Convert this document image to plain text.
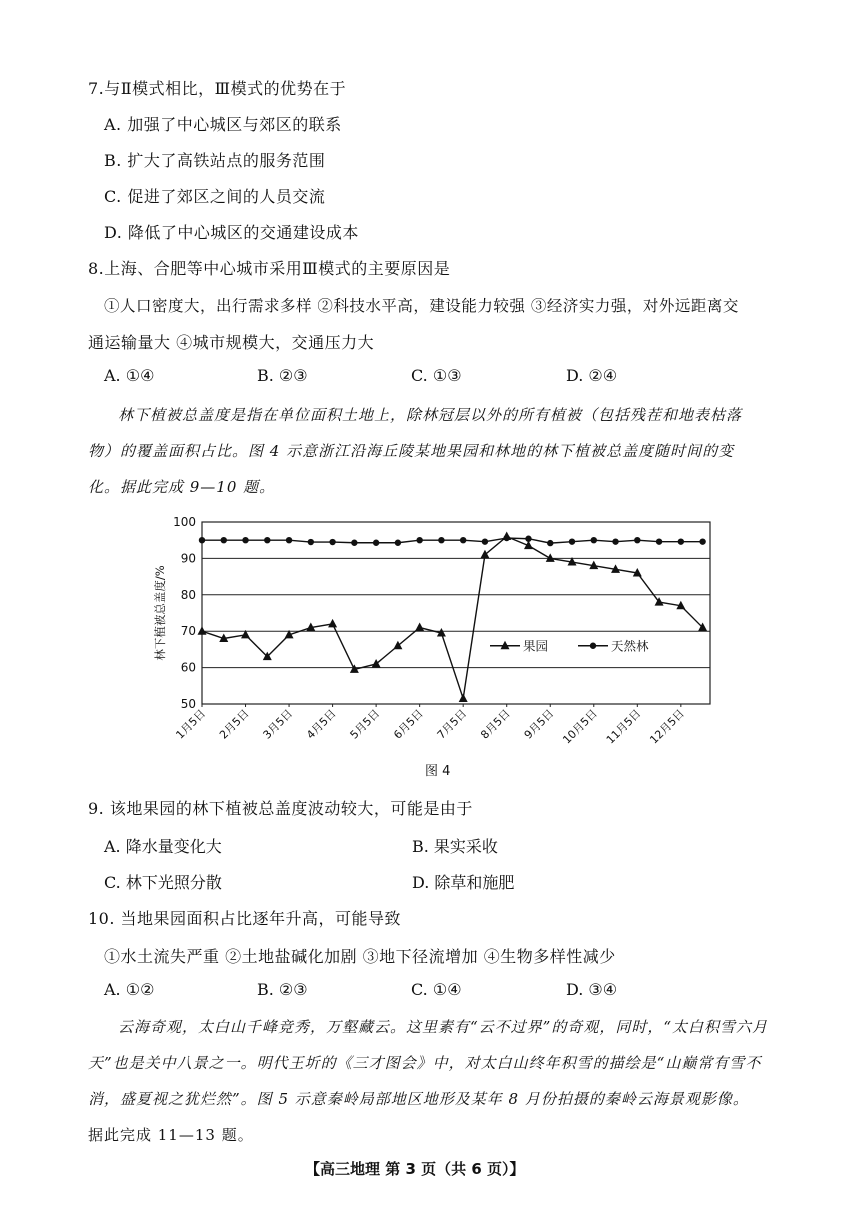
7.与Ⅱ模式相比，Ⅲ模式的优势在于
A. 加强了中心城区与郊区的联系
B. 扩大了高铁站点的服务范围
C. 促进了郊区之间的人员交流
D. 降低了中心城区的交通建设成本
8.上海、合肥等中心城市采用Ⅲ模式的主要原因是
①人口密度大，出行需求多样 ②科技水平高，建设能力较强 ③经济实力强，对外远距离交
通运输量大 ④城市规模大，交通压力大
A. ①④	B. ②③	C. ①③	D. ②④
林下植被总盖度是指在单位面积土地上，除林冠层以外的所有植被（包括残茬和地表枯落
物）的覆盖面积占比。图 4 示意浙江沿海丘陵某地果园和林地的林下植被总盖度随时间的变
化。据此完成 9—10 题。
100
90
80
70
60
50
1月5日 2月5日 3月5日 4月5日 5月5日 6月5日 7月5日 8月5日 9月5日 10月5日 11月5日 12月5日
林下植被总盖度/%	果园	天然林
图 4
9. 该地果园的林下植被总盖度波动较大，可能是由于
A. 降水量变化大	B. 果实采收
C. 林下光照分散	D. 除草和施肥
10. 当地果园面积占比逐年升高，可能导致
①水土流失严重 ②土地盐碱化加剧 ③地下径流增加 ④生物多样性减少
A. ①②	B. ②③	C. ①④	D. ③④
云海奇观，太白山千峰竞秀，万壑藏云。这里素有“云不过界”的奇观，同时，“太白积雪六月
天”也是关中八景之一。明代王圻的《三才图会》中，对太白山终年积雪的描绘是“山巅常有雪不
消，盛夏视之犹烂然”。图 5 示意秦岭局部地区地形及某年 8 月份拍摄的秦岭云海景观影像。
据此完成 11—13 题。
【高三地理 第 3 页（共 6 页）】
